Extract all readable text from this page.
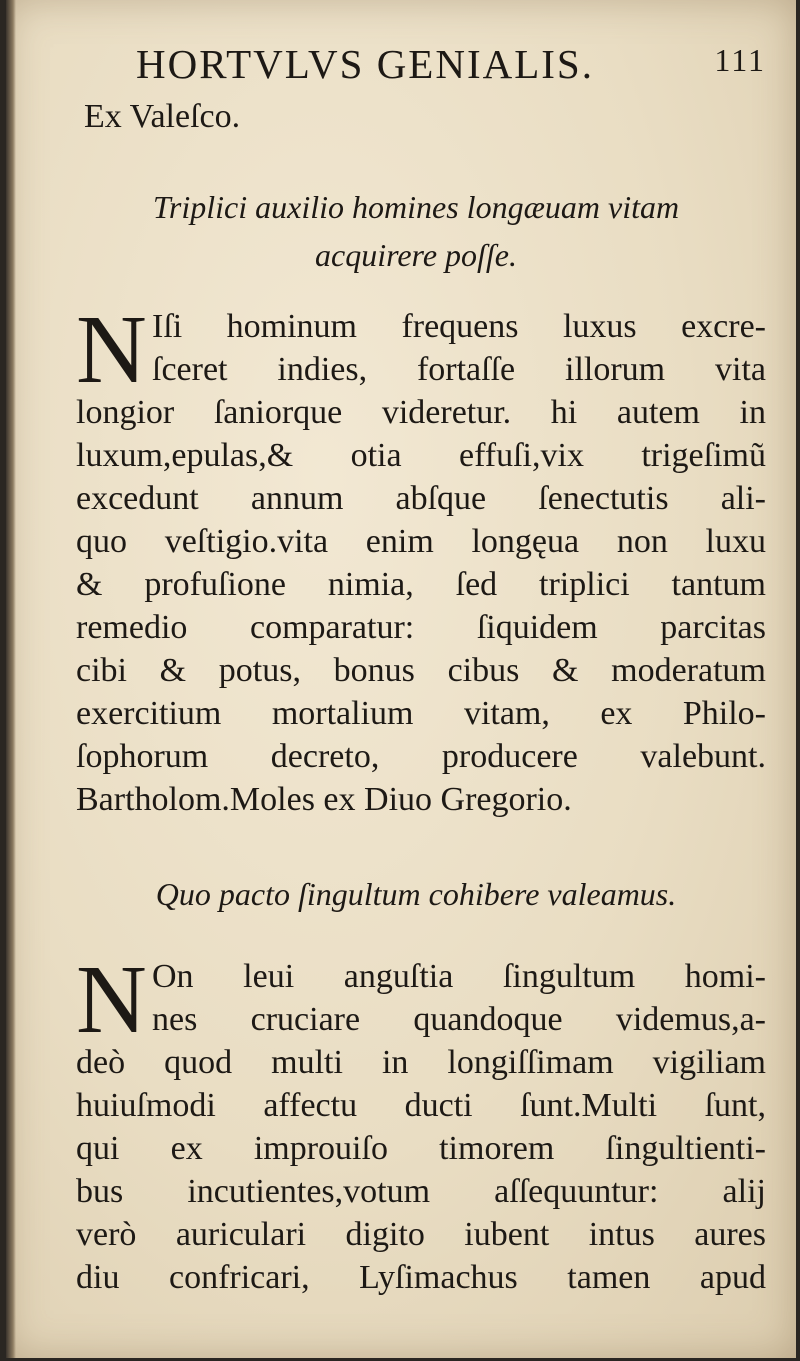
HORTVLVS GENIALIS.	111
Ex Valeſco.
Triplici auxilio homines longæuam vitam
acquirere poſſe.
N Iſi hominum frequens luxus excre-
ſceret indies, fortaſſe illorum vita
longior ſaniorque videretur. hi autem in
luxum,epulas,& otia effuſi,vix trigeſimũ
excedunt annum abſque ſenectutis ali-
quo veſtigio.vita enim longęua non luxu
& profuſione nimia, ſed triplici tantum
remedio comparatur: ſiquidem parcitas
cibi & potus, bonus cibus & moderatum
exercitium mortalium vitam, ex Philo-
ſophorum decreto, producere valebunt.
Bartholom.Moles ex Diuo Gregorio.
Quo pacto ſingultum cohibere valeamus.
N On leui anguſtia ſingultum homi-
nes cruciare quandoque videmus,a-
deò quod multi in longiſſimam vigiliam
huiuſmodi affectu ducti ſunt.Multi ſunt,
qui ex improuiſo timorem ſingultienti-
bus incutientes,votum aſſequuntur: alij
verò auriculari digito iubent intus aures
diu confricari, Lyſimachus tamen apud
